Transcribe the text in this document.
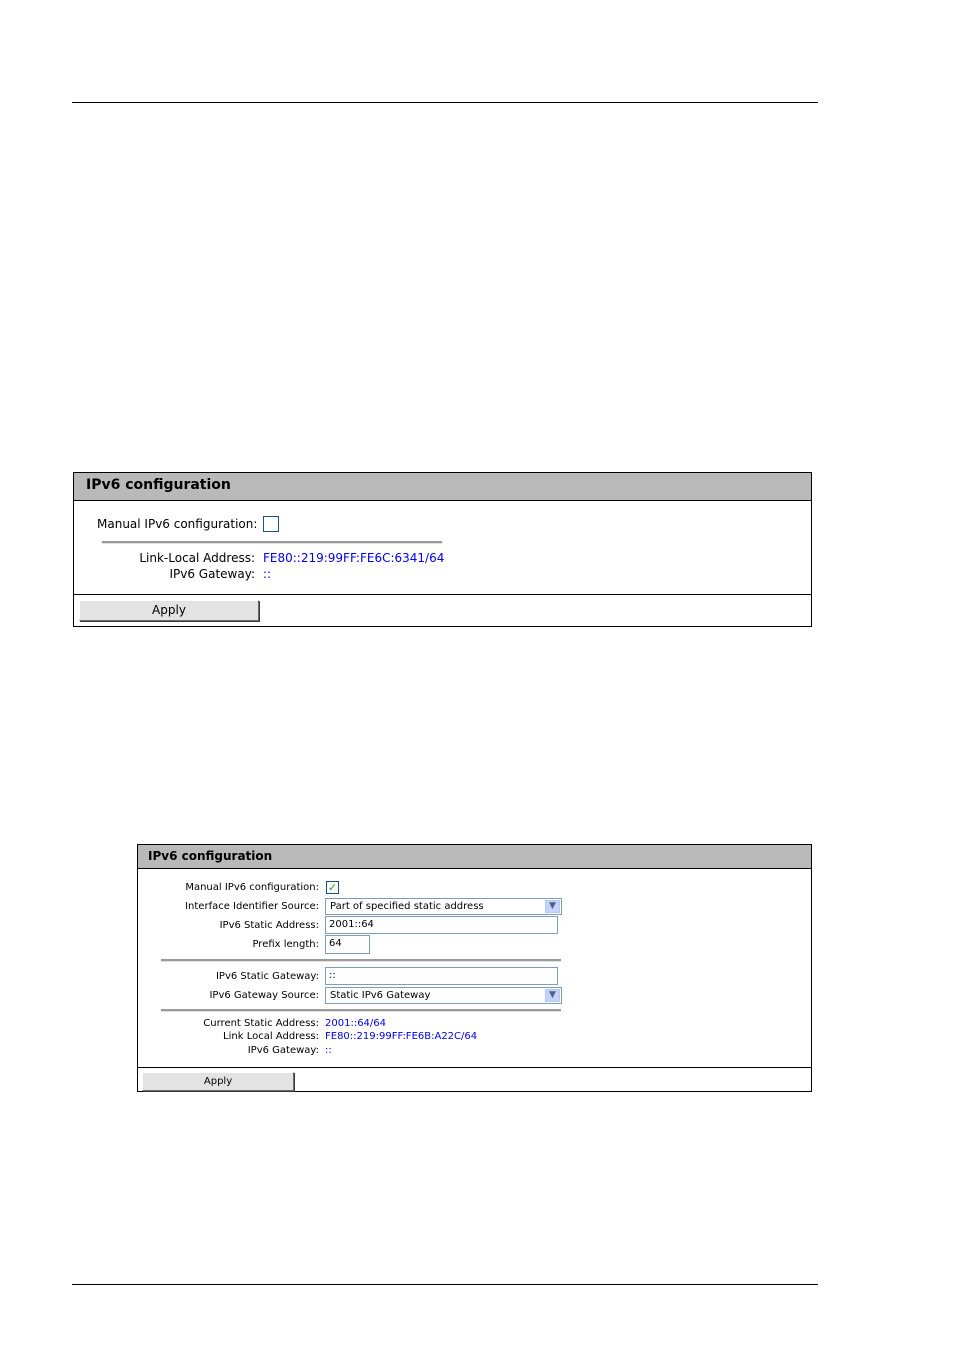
IPv6 configuration
Manual IPv6 configuration:
Link-Local Address: FE80::219:99FF:FE6C:6341/64
IPv6 Gateway: ::
Apply
IPv6 configuration
Manual IPv6 configuration: ✓
Interface Identifier Source:	Part of specified static address	▼
IPv6 Static Address:	2001::64
Prefix length:	64
IPv6 Static Gateway:	::
IPv6 Gateway Source:	Static IPv6 Gateway	▼
Current Static Address: 2001::64/64
Link Local Address: FE80::219:99FF:FE6B:A22C/64
IPv6 Gateway: ::
Apply
